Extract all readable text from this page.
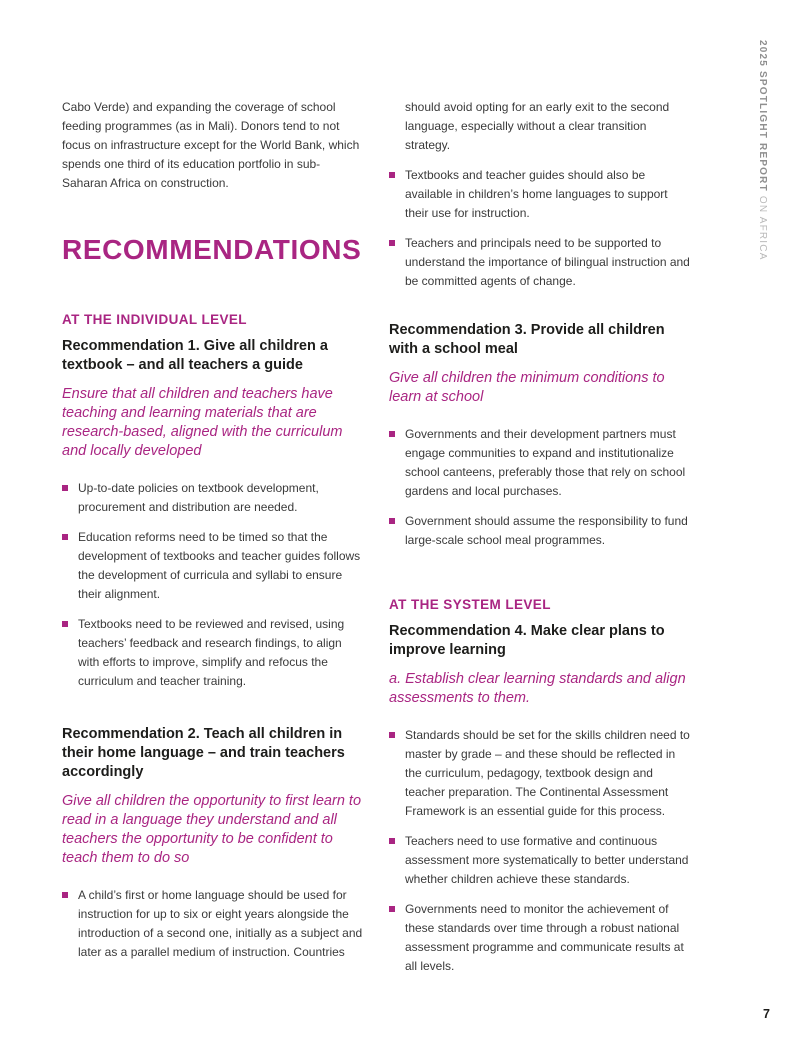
2025 SPOTLIGHT REPORT ON AFRICA

Cabo Verde) and expanding the coverage of school feeding programmes (as in Mali). Donors tend to not focus on infrastructure except for the World Bank, which spends one third of its education portfolio in sub-Saharan Africa on construction.

RECOMMENDATIONS
AT THE INDIVIDUAL LEVEL
Recommendation 1. Give all children a textbook – and all teachers a guide

Ensure that all children and teachers have teaching and learning materials that are research-based, aligned with the curriculum and locally developed

Up-to-date policies on textbook development, procurement and distribution are needed.

Education reforms need to be timed so that the development of textbooks and teacher guides follows the development of curricula and syllabi to ensure their alignment.

Textbooks need to be reviewed and revised, using teachers’ feedback and research findings, to align with efforts to improve, simplify and refocus the curriculum and teacher training.

Recommendation 2. Teach all children in their home language – and train teachers accordingly

Give all children the opportunity to first learn to read in a language they understand and all teachers the opportunity to be confident to teach them to do so

A child’s first or home language should be used for instruction for up to six or eight years alongside the introduction of a second one, initially as a subject and later as a parallel medium of instruction. Countries

should avoid opting for an early exit to the second language, especially without a clear transition strategy.

Textbooks and teacher guides should also be available in children’s home languages to support their use for instruction.

Teachers and principals need to be supported to understand the importance of bilingual instruction and be committed agents of change.

Recommendation 3. Provide all children with a school meal

Give all children the minimum conditions to learn at school

Governments and their development partners must engage communities to expand and institutionalize school canteens, preferably those that rely on school gardens and local purchases.

Government should assume the responsibility to fund large-scale school meal programmes.

AT THE SYSTEM LEVEL
Recommendation 4. Make clear plans to improve learning

a. Establish clear learning standards and align assessments to them.

Standards should be set for the skills children need to master by grade – and these should be reflected in the curriculum, pedagogy, textbook design and teacher preparation. The Continental Assessment Framework is an essential guide for this process.

Teachers need to use formative and continuous assessment more systematically to better understand whether children achieve these standards.

Governments need to monitor the achievement of these standards over time through a robust national assessment programme and communicate results at all levels.

7
